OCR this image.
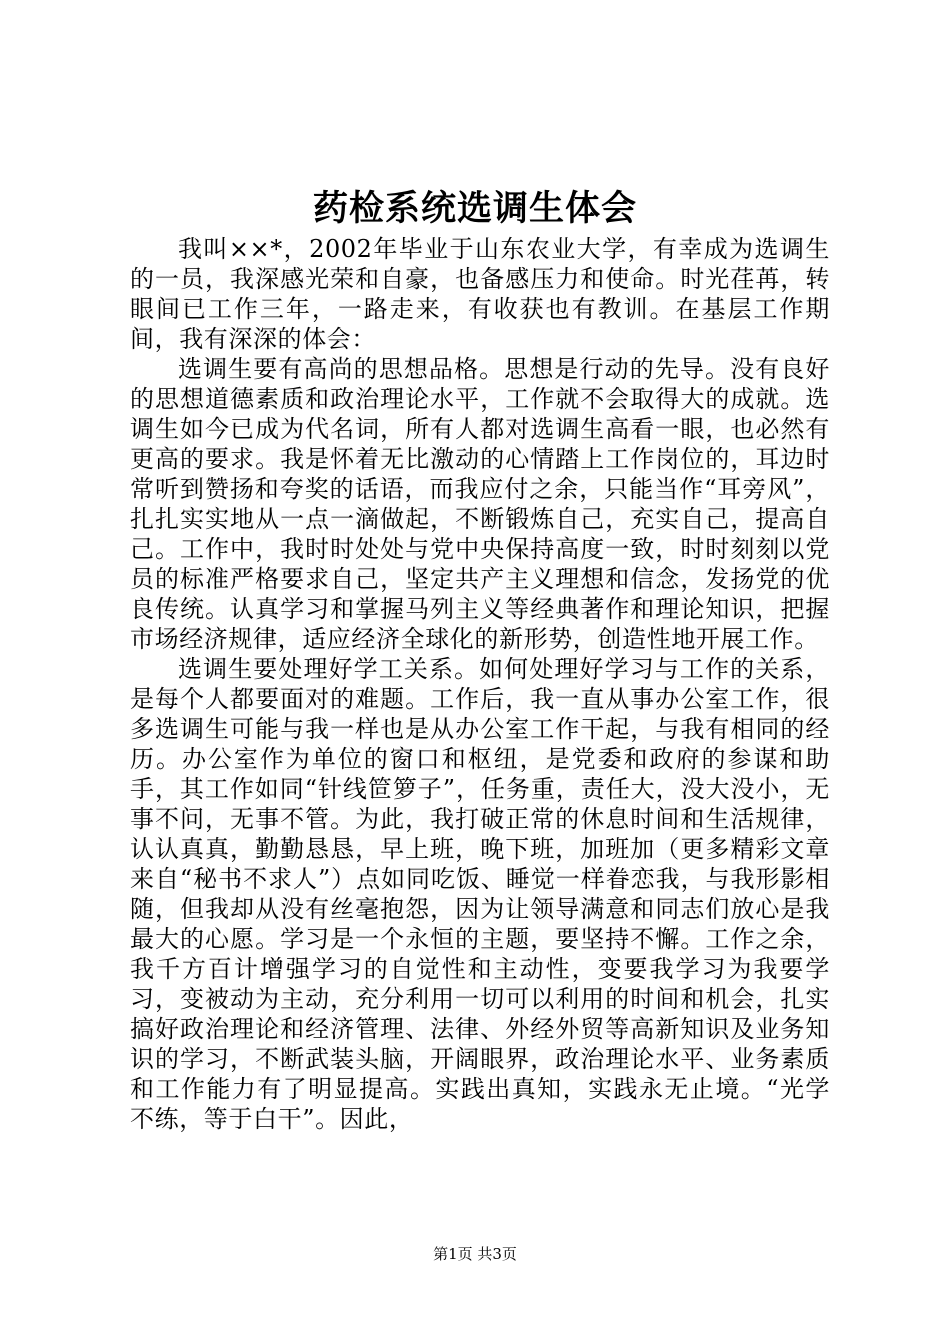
药检系统选调生体会

我叫××*，2002年毕业于山东农业大学，有幸成为选调生的一员，我深感光荣和自豪，也备感压力和使命。时光荏苒，转眼间已工作三年，一路走来，有收获也有教训。在基层工作期间，我有深深的体会：

选调生要有高尚的思想品格。思想是行动的先导。没有良好的思想道德素质和政治理论水平，工作就不会取得大的成就。选调生如今已成为代名词，所有人都对选调生高看一眼，也必然有更高的要求。我是怀着无比激动的心情踏上工作岗位的，耳边时常听到赞扬和夸奖的话语，而我应付之余，只能当作“耳旁风”，扎扎实实地从一点一滴做起，不断锻炼自己，充实自己，提高自己。工作中，我时时处处与党中央保持高度一致，时时刻刻以党员的标准严格要求自己，坚定共产主义理想和信念，发扬党的优良传统。认真学习和掌握马列主义等经典著作和理论知识，把握市场经济规律，适应经济全球化的新形势，创造性地开展工作。

选调生要处理好学工关系。如何处理好学习与工作的关系，是每个人都要面对的难题。工作后，我一直从事办公室工作，很多选调生可能与我一样也是从办公室工作干起，与我有相同的经历。办公室作为单位的窗口和枢纽，是党委和政府的参谋和助手，其工作如同“针线笸箩子”，任务重，责任大，没大没小，无事不问，无事不管。为此，我打破正常的休息时间和生活规律，认认真真，勤勤恳恳，早上班，晚下班，加班加（更多精彩文章来自“秘书不求人”）点如同吃饭、睡觉一样眷恋我，与我形影相随，但我却从没有丝毫抱怨，因为让领导满意和同志们放心是我最大的心愿。学习是一个永恒的主题，要坚持不懈。工作之余，我千方百计增强学习的自觉性和主动性，变要我学习为我要学习，变被动为主动，充分利用一切可以利用的时间和机会，扎实搞好政治理论和经济管理、法律、外经外贸等高新知识及业务知识的学习，不断武装头脑，开阔眼界，政治理论水平、业务素质和工作能力有了明显提高。实践出真知，实践永无止境。“光学不练，等于白干”。因此，

第1页 共3页
